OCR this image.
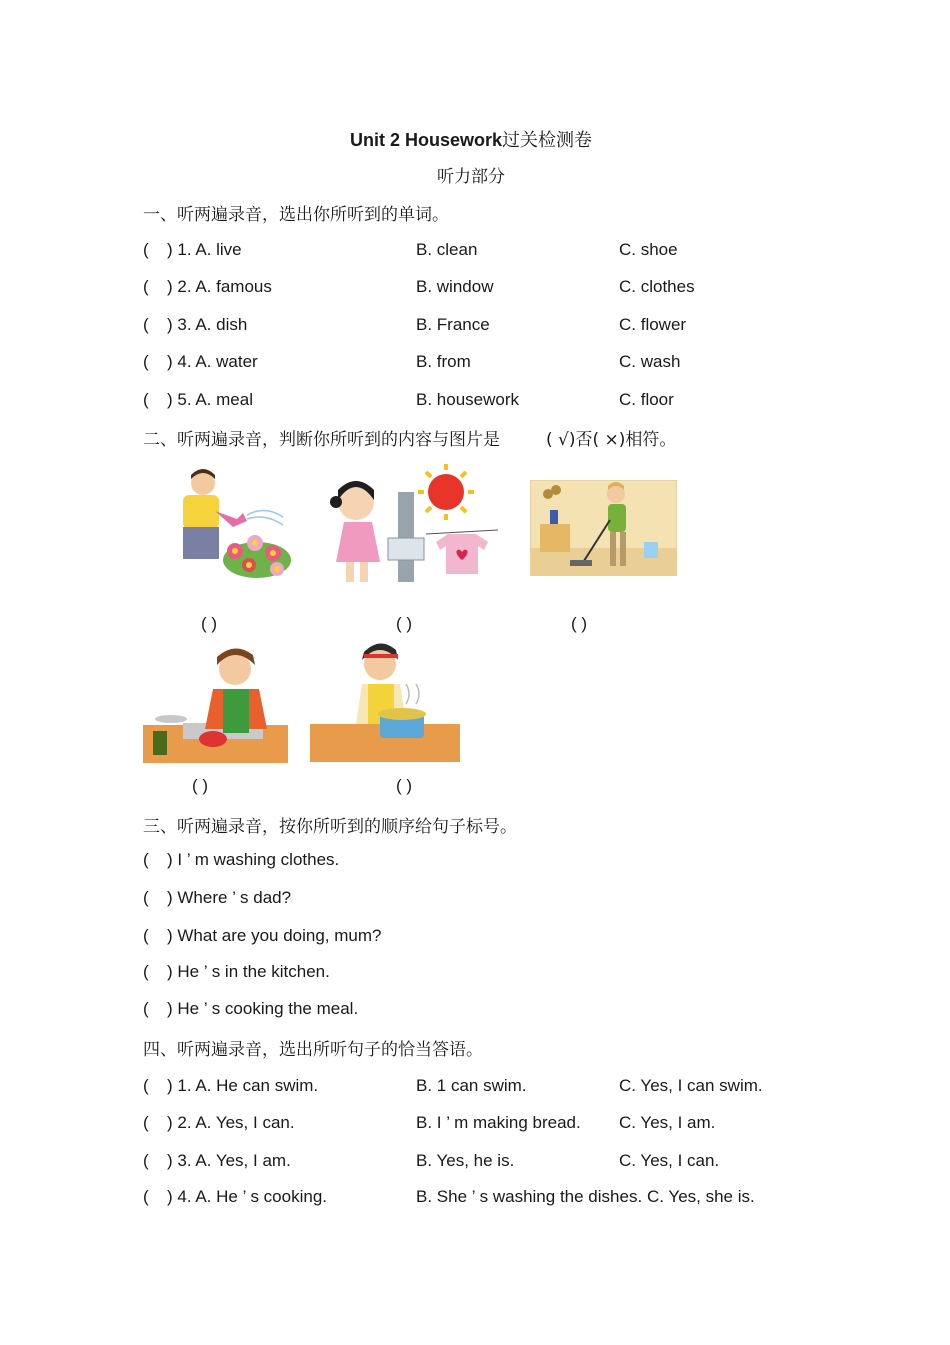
Unit 2 Housework过关检测卷
听力部分
一、听两遍录音，选出你所听到的单词。
( ) 1. A. live	B. clean	C. shoe
( ) 2. A. famous	B. window	C. clothes
( ) 3. A. dish	B. France	C. flower
( ) 4. A. water	B. from	C. wash
( ) 5. A. meal	B. housework	C. floor
二、听两遍录音，判断你所听到的内容与图片是	( √)否( ×)相符。
( )	( )	( )
( )	( )
三、听两遍录音，按你所听到的顺序给句子标号。
( ) I ’ m washing clothes.
( ) Where ’ s dad?
( ) What are you doing, mum?
( ) He ’ s in the kitchen.
( ) He ’ s cooking the meal.
四、听两遍录音，选出所听句子的恰当答语。
( ) 1. A. He can swim.	B. 1 can swim.	C. Yes, I can swim.
( ) 2. A. Yes, I can.	B. I ’ m making bread. C. Yes, I am.
( ) 3. A. Yes, I am.	B. Yes, he is.	C. Yes, I can.
( ) 4. A. He ’ s cooking.	B. She ’ s washing the dishes. C. Yes, she is.
